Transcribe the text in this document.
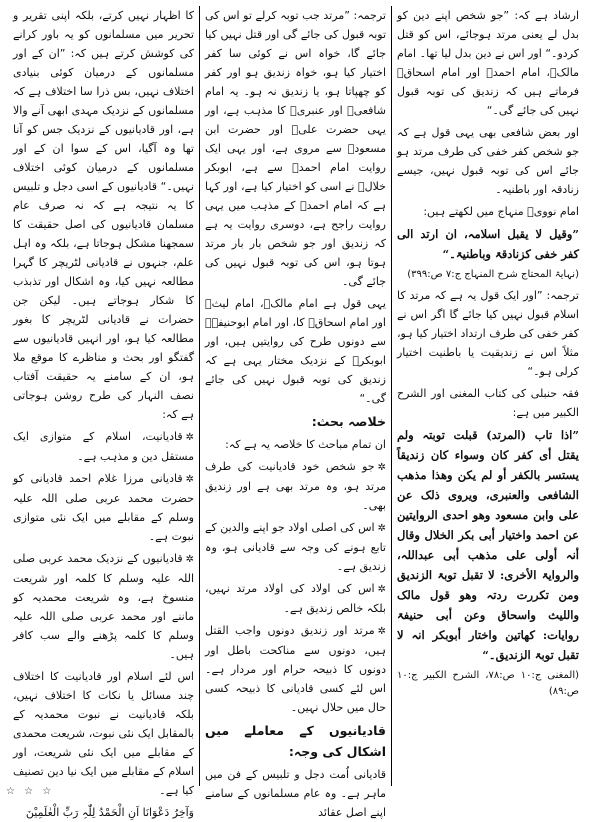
ارشاد ہے کہ: ”جو شخص اپنے دین کو بدل لے یعنی مرتد ہوجائے، اس کو قتل کردو۔“ اور اس نے دین بدل لیا تھا۔ امام مالکؒ، امام احمدؒ اور امام اسحاقؒ فرماتے ہیں کہ زندیق کی توبہ قبول نہیں کی جائے گی۔“

اور بعض شافعی بھی یہی قول ہے کہ جو شخص کفر خفی کی طرف مرتد ہو جائے اس کی توبہ قبول نہیں، جیسے زنادقہ اور باطنیہ۔

امام نوویؒ منہاج میں لکھتے ہیں:

”وقیل لا یقبل اسلامہ، ان ارتد الی کفر خفی کزنادقۃ وباطنیۃ۔“

(نہایۃ المحتاج شرح المنہاج ج:۷ ص:۳۹۹)

ترجمہ: ”اور ایک قول یہ ہے کہ مرتد کا اسلام قبول نہیں کیا جائے گا اگر اس نے کفر خفی کی طرف ارتداد اختیار کیا ہو، مثلاً اس نے زندیقیت یا باطنیت اختیار کرلی ہو۔“

فقہ حنبلی کی کتاب المغنی اور الشرح الکبیر میں ہے:

”اذا تاب (المرتد) قبلت توبتہ ولم یقتل أی کفر کان وسواء کان زندیقاً یستسر بالکفر أو لم یکن وھذا مذھب الشافعی والعنبری، ویروی ذلک عن علی وابن مسعود وھو احدی الروایتین عن احمد واختیار أبی بکر الخلال وقال أنہ أولی علی مذھب أبی عبداللہ، والروایۃ الأخری: لا تقبل توبۃ الزندیق ومن تکررت ردتہ وھو قول مالک واللیث واسحاق وعن أبی حنیفۃ روایات: کھاتین واختار أبوبکر انہ لا تقبل توبۃ الزندیق۔“

(المغنی ج:۱۰ ص:۷۸، الشرح الکبیر ج:۱۰ ص:۸۹)

ترجمہ: ”مرتد جب توبہ کرلے تو اس کی توبہ قبول کی جائے گی اور قتل نہیں کیا جائے گا، خواہ اس نے کوئی سا کفر اختیار کیا ہو، خواہ زندیق ہو اور کفر کو چھپاتا ہو، یا زندیق نہ ہو۔ یہ امام شافعیؒ اور عنبریؒ کا مذہب ہے، اور یہی حضرت علیؓ اور حضرت ابن مسعودؓ سے مروی ہے، اور یہی ایک روایت امام احمدؒ سے ہے، ابوبکر خلالؒ نے اسی کو اختیار کیا ہے، اور کہا ہے کہ امام احمدؒ کے مذہب میں یہی روایت راجح ہے، دوسری روایت یہ ہے کہ زندیق اور جو شخص بار بار مرتد ہوتا ہو، اس کی توبہ قبول نہیں کی جائے گی۔

یہی قول ہے امام مالکؒ، امام لیثؒ اور امام اسحاقؒ کا، اور امام ابوحنیفہؒ سے دونوں طرح کی روایتیں ہیں، اور ابوبکرؒ کے نزدیک مختار یہی ہے کہ زندیق کی توبہ قبول نہیں کی جائے گی۔“

خلاصہ بحث:

ان تمام مباحث کا خلاصہ یہ ہے کہ:

✲جو شخص خود قادیانیت کی طرف مرتد ہو، وہ مرتد بھی ہے اور زندیق بھی۔

✲اس کی اصلی اولاد جو اپنے والدین کے تابع ہونے کی وجہ سے قادیانی ہو، وہ زندیق ہے۔

✲اس کی اولاد کی اولاد مرتد نہیں، بلکہ خالص زندیق ہے۔

✲مرتد اور زندیق دونوں واجب القتل ہیں، دونوں سے مناکحت باطل اور دونوں کا ذبیحہ حرام اور مردار ہے۔ اس لئے کسی قادیانی کا ذبیحہ کسی حال میں حلال نہیں۔

قادیانیوں کے معاملے میں اشکال کی وجہ:

قادیانی اُمت دجل و تلبیس کے فن میں ماہر ہے۔ وہ عام مسلمانوں کے سامنے اپنے اصل عقائد

کا اظہار نہیں کرتے، بلکہ اپنی تقریر و تحریر میں مسلمانوں کو یہ باور کرانے کی کوشش کرتے ہیں کہ: ”ان کے اور مسلمانوں کے درمیان کوئی بنیادی اختلاف نہیں، بس ذرا سا اختلاف ہے کہ مسلمانوں کے نزدیک مہدی ابھی آنے والا ہے، اور قادیانیوں کے نزدیک جس کو آنا تھا وہ آگیا، اس کے سوا ان کے اور مسلمانوں کے درمیان کوئی اختلاف نہیں۔“ قادیانیوں کے اسی دجل و تلبیس کا یہ نتیجہ ہے کہ نہ صرف عام مسلمان قادیانیوں کی اصل حقیقت کا سمجھنا مشکل ہوجاتا ہے، بلکہ وہ اہل علم، جنہوں نے قادیانی لٹریچر کا گہرا مطالعہ نہیں کیا، وہ اشکال اور تذبذب کا شکار ہوجاتے ہیں۔ لیکن جن حضرات نے قادیانی لٹریچر کا بغور مطالعہ کیا ہو، اور انہیں قادیانیوں سے گفتگو اور بحث و مناظرے کا موقع ملا ہو، ان کے سامنے یہ حقیقت آفتاب نصف النہار کی طرح روشن ہوجاتی ہے کہ:

✲قادیانیت، اسلام کے متوازی ایک مستقل دین و مذہب ہے۔

✲قادیانی مرزا غلام احمد قادیانی کو حضرت محمد عربی صلی اللہ علیہ وسلم کے مقابلے میں ایک نئی متوازی نبوت ہے۔

✲قادیانیوں کے نزدیک محمد عربی صلی اللہ علیہ وسلم کا کلمہ اور شریعت منسوخ ہے، وہ شریعت محمدیہ کو ماننے اور محمد عربی صلی اللہ علیہ وسلم کا کلمہ پڑھنے والے سب کافر ہیں۔

اس لئے اسلام اور قادیانیت کا اختلاف چند مسائل یا نکات کا اختلاف نہیں، بلکہ قادیانیت نے نبوت محمدیہ کے بالمقابل ایک نئی نبوت، شریعت محمدی کے مقابلے میں ایک نئی شریعت، اور اسلام کے مقابلے میں ایک نیا دین تصنیف کیا ہے۔

وَآخِرُ دَعْوَانَا اَنِ الْحَمْدُ لِلّٰہِ رَبِّ الْعٰلَمِیْنَ

☆ ☆ ☆
